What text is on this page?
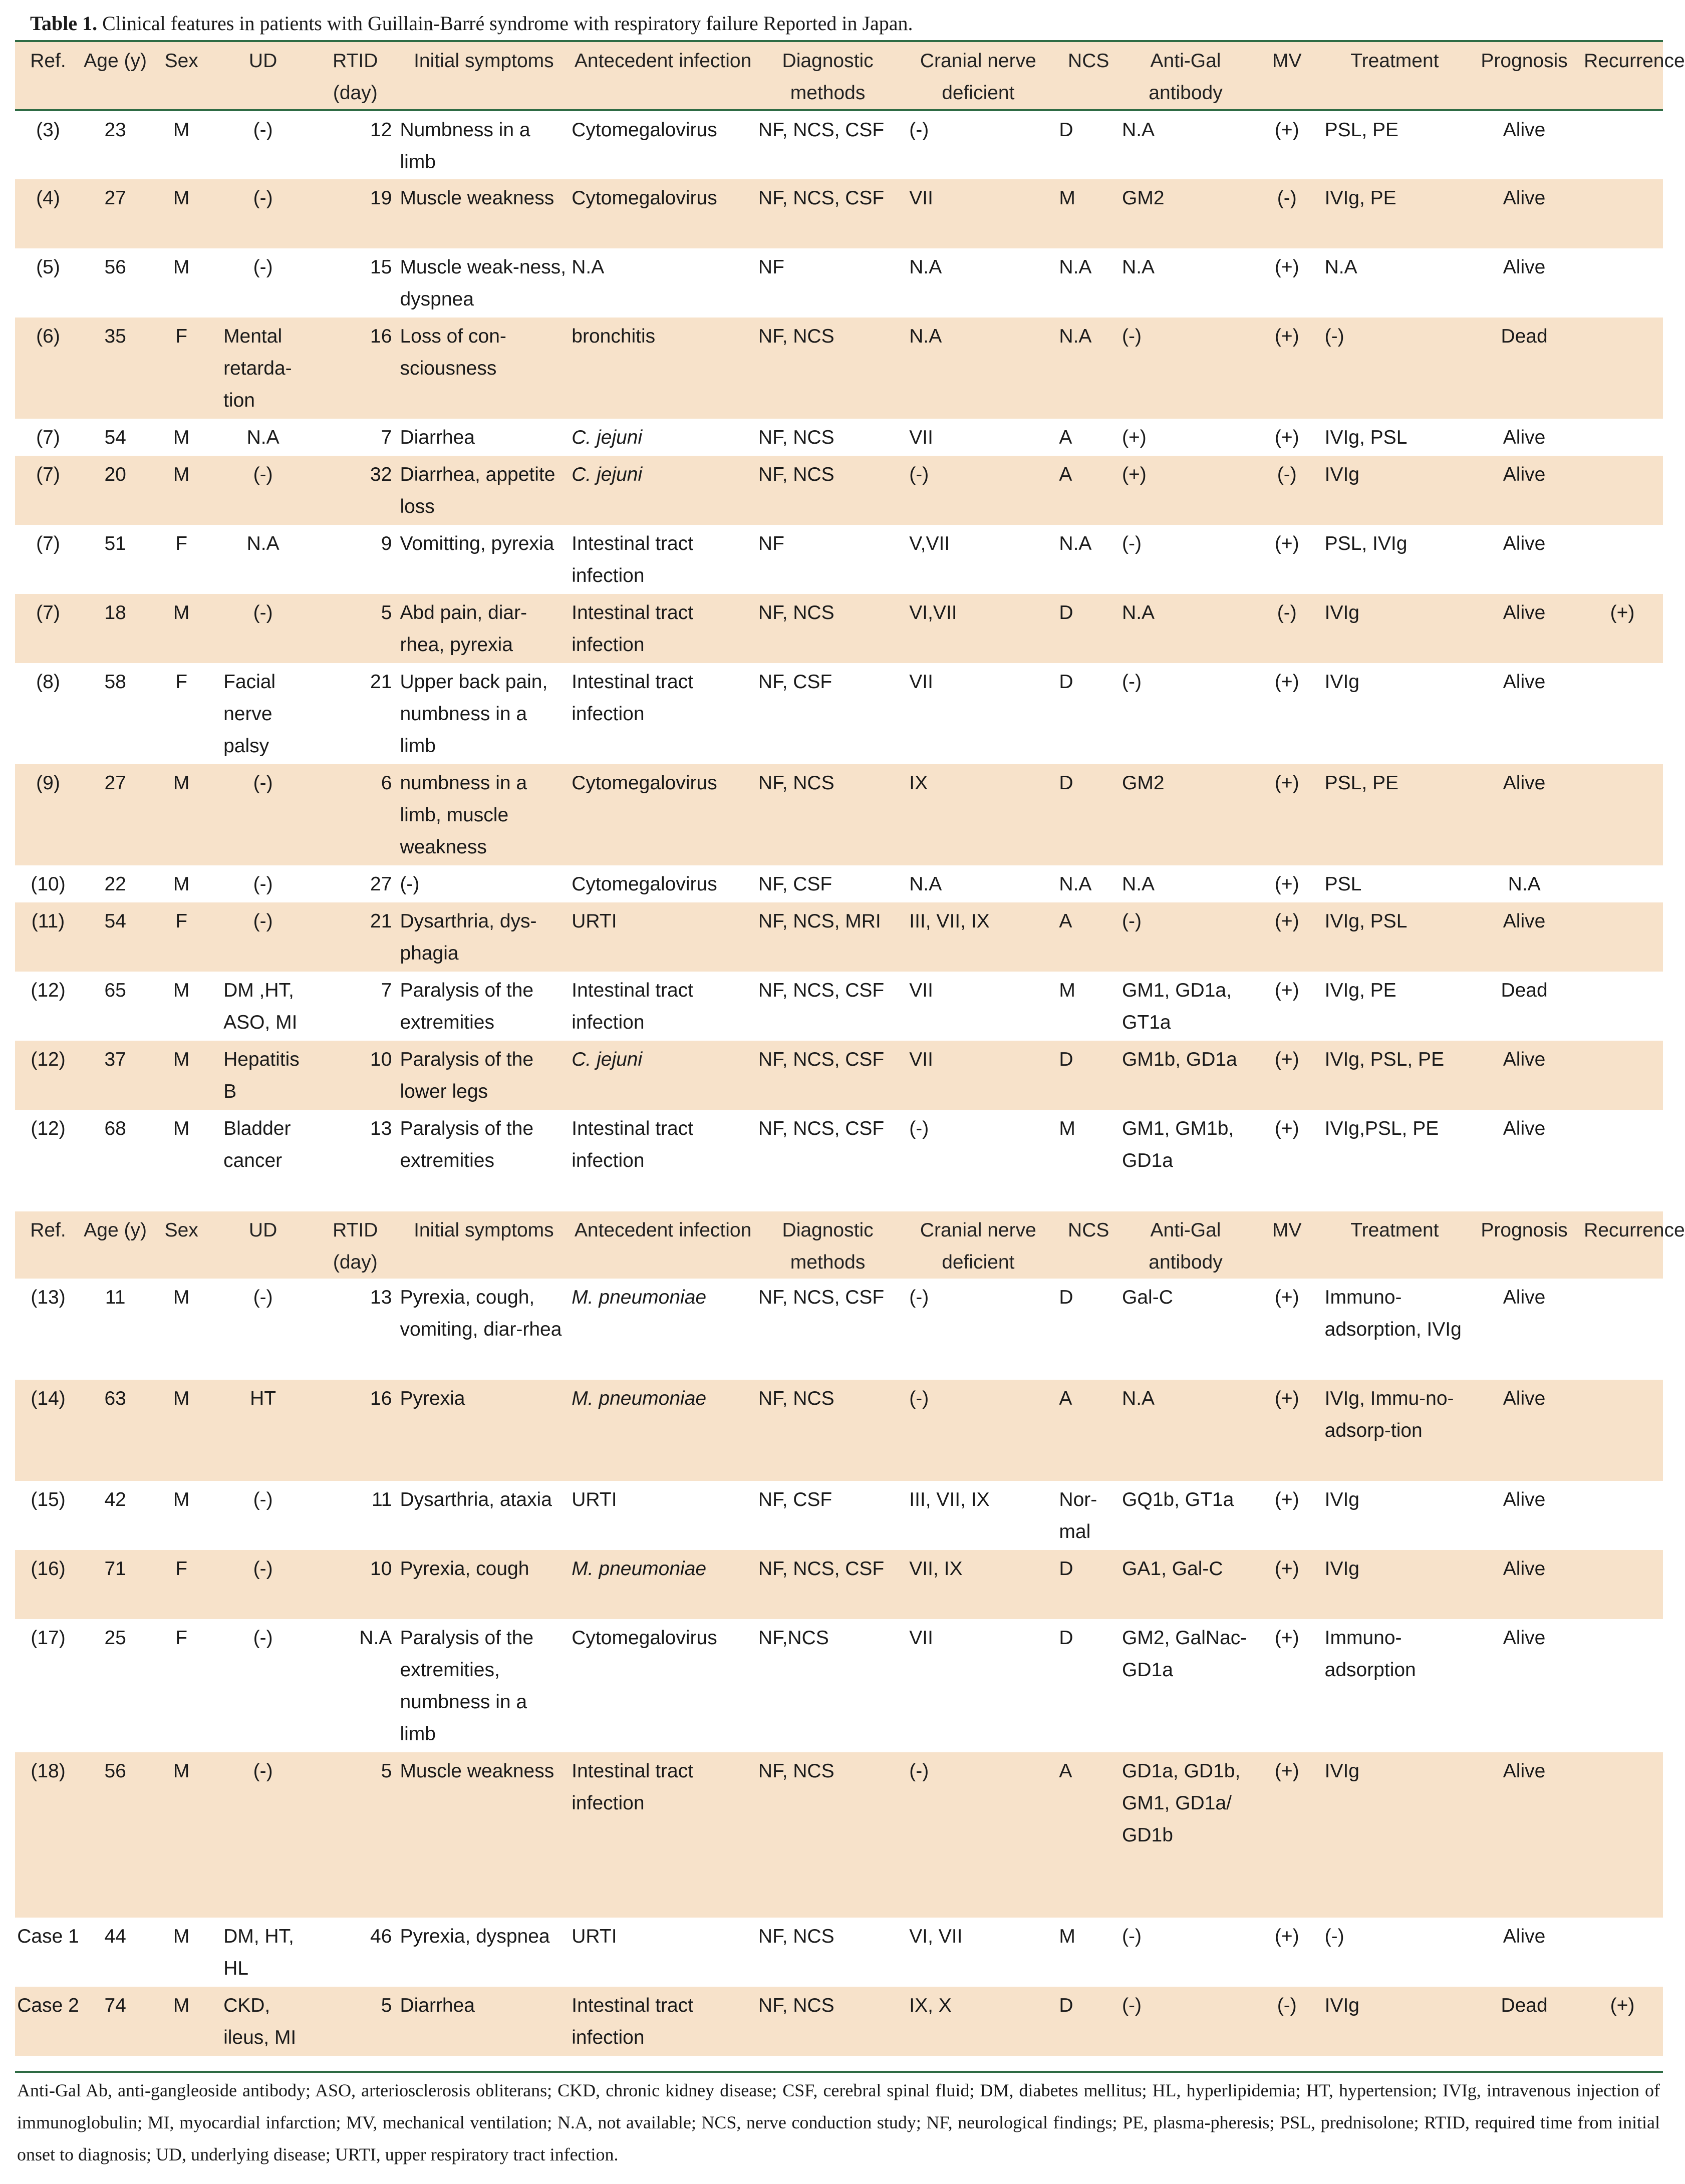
Table 1. Clinical features in patients with Guillain-Barré syndrome with respiratory failure Reported in Japan.
Ref.	Age (y)	Sex	UD	RTID (day)	Initial symptoms	Antecedent infection	Diagnostic methods	Cranial nerve deficient	NCS	Anti-Gal antibody	MV	Treatment	Prognosis	Recurrence
(3)	23	M	(-)	12	Numbness in a limb	Cytomegalovirus	NF, NCS, CSF	(-)	D	N.A	(+)	PSL, PE	Alive	
(4)	27	M	(-)	19	Muscle weakness	Cytomegalovirus	NF, NCS, CSF	VII	M	GM2	(-)	IVIg, PE	Alive	
(5)	56	M	(-)	15	Muscle weak-ness, dyspnea	N.A	NF	N.A	N.A	N.A	(+)	N.A	Alive	
(6)	35	F	Mental retarda-tion	16	Loss of con-sciousness	bronchitis	NF, NCS	N.A	N.A	(-)	(+)	(-)	Dead	
(7)	54	M	N.A	7	Diarrhea	C. jejuni	NF, NCS	VII	A	(+)	(+)	IVIg, PSL	Alive	
(7)	20	M	(-)	32	Diarrhea, appetite loss	C. jejuni	NF, NCS	(-)	A	(+)	(-)	IVIg	Alive	
(7)	51	F	N.A	9	Vomitting, pyrexia	Intestinal tract infection	NF	V,VII	N.A	(-)	(+)	PSL, IVIg	Alive	
(7)	18	M	(-)	5	Abd pain, diar-rhea, pyrexia	Intestinal tract infection	NF, NCS	VI,VII	D	N.A	(-)	IVIg	Alive	(+)
(8)	58	F	Facial nerve palsy	21	Upper back pain, numbness in a limb	Intestinal tract infection	NF, CSF	VII	D	(-)	(+)	IVIg	Alive	
(9)	27	M	(-)	6	numbness in a limb, muscle weakness	Cytomegalovirus	NF, NCS	IX	D	GM2	(+)	PSL, PE	Alive	
(10)	22	M	(-)	27	(-)	Cytomegalovirus	NF, CSF	N.A	N.A	N.A	(+)	PSL	N.A	
(11)	54	F	(-)	21	Dysarthria, dys-phagia	URTI	NF, NCS, MRI	III, VII, IX	A	(-)	(+)	IVIg, PSL	Alive	
(12)	65	M	DM ,HT, ASO, MI	7	Paralysis of the extremities	Intestinal tract infection	NF, NCS, CSF	VII	M	GM1, GD1a, GT1a	(+)	IVIg, PE	Dead	
(12)	37	M	Hepatitis B	10	Paralysis of the lower legs	C. jejuni	NF, NCS, CSF	VII	D	GM1b, GD1a	(+)	IVIg, PSL, PE	Alive	
(12)	68	M	Bladder cancer	13	Paralysis of the extremities	Intestinal tract infection	NF, NCS, CSF	(-)	M	GM1, GM1b, GD1a	(+)	IVIg,PSL, PE	Alive	
Ref.	Age (y)	Sex	UD	RTID (day)	Initial symptoms	Antecedent infection	Diagnostic methods	Cranial nerve deficient	NCS	Anti-Gal antibody	MV	Treatment	Prognosis	Recurrence
(13)	11	M	(-)	13	Pyrexia, cough, vomiting, diar-rhea	M. pneumoniae	NF, NCS, CSF	(-)	D	Gal-C	(+)	Immuno-adsorption, IVIg	Alive	
(14)	63	M	HT	16	Pyrexia	M. pneumoniae	NF, NCS	(-)	A	N.A	(+)	IVIg, Immu-no-adsorp-tion	Alive	
(15)	42	M	(-)	11	Dysarthria, ataxia	URTI	NF, CSF	III, VII, IX	Nor-mal	GQ1b, GT1a	(+)	IVIg	Alive	
(16)	71	F	(-)	10	Pyrexia, cough	M. pneumoniae	NF, NCS, CSF	VII, IX	D	GA1, Gal-C	(+)	IVIg	Alive	
(17)	25	F	(-)	N.A	Paralysis of the extremities, numbness in a limb	Cytomegalovirus	NF,NCS	VII	D	GM2, GalNac-GD1a	(+)	Immuno-adsorption	Alive	
(18)	56	M	(-)	5	Muscle weakness	Intestinal tract infection	NF, NCS	(-)	A	GD1a, GD1b, GM1, GD1a/ GD1b	(+)	IVIg	Alive	
Case 1	44	M	DM, HT, HL	46	Pyrexia, dyspnea	URTI	NF, NCS	VI, VII	M	(-)	(+)	(-)	Alive	
Case 2	74	M	CKD, ileus, MI	5	Diarrhea	Intestinal tract infection	NF, NCS	IX, X	D	(-)	(-)	IVIg	Dead	(+)
Anti-Gal Ab, anti-gangleoside antibody; ASO, arteriosclerosis obliterans; CKD, chronic kidney disease; CSF, cerebral spinal fluid; DM, diabetes mellitus; HL, hyperlipidemia; HT, hypertension; IVIg, intravenous injection of immunoglobulin; MI, myocardial infarction; MV, mechanical ventilation; N.A, not available; NCS, nerve conduction study; NF, neurological findings; PE, plasma-pheresis; PSL, prednisolone; RTID, required time from initial onset to diagnosis; UD, underlying disease; URTI, upper respiratory tract infection.
